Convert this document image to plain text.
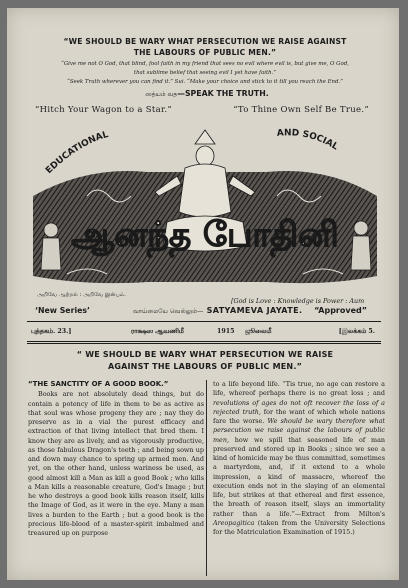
“WE SHOULD BE WARY WHAT PERSECUTION WE RAISE AGAINST
THE LABOURS OF PUBLIC MEN.”
“Give me not O God, that blind, fool faith in my friend that sees no evil where evil is, but give me, O God,
that sublime belief that seeing evil I yet have faith.”
“Seek Truth wherever you can find it.” Sui. “Make your choice and stick to it till you reach the End.”
ஸத்யம் வத—SPEAK THE TRUTH.
“Hitch Your Wagon to a Star.”	“To Thine Own Self Be True.”
EDUCATIONAL	AND SOCIAL
ஆனந்த போதினி
அறிவே ஆற்றல் : அறிவே இன்பம்.
[God is Love : Knowledge is Power : Aum
‘New Series’	வாய்மையே வெல்லும்— SATYAMEVA JAYATE. “Approved”
புத்தகம். 23.]	ராக்ஷஸ ஆவணிமீ	1915 ஜூலைமீ	[இலக்கம் 5.
“ WE SHOULD BE WARY WHAT PERSECUTION WE RAISE
AGAINST THE LABOURS OF PUBLIC MEN.”

“THE SANCTITY OF A GOOD BOOK.”

Books are not absolutely dead things, but do contain a potency of life in them to be as active as that soul was whose progeny they are ; nay they do preserve as in a vial the purest efficacy and extraction of that living intellect that bred them. I know they are as lively, and as vigorously productive, as those fabulous Dragon's teeth ; and being sown up and down may chance to spring up armed men. And yet, on the other hand, unless wariness be used, as good almost kill a Man as kill a good Book ; who kills a Man kills a reasonable creature, God's Image ; but he who destroys a good book kills reason itself, kills the Image of God, as it were in the eye. Many a man lives a burden to the Earth ; but a good book is the precious life-blood of a master-spirit imbalmed and treasured up on purpose

to a life beyond life. “Tis true, no age can restore a life, whereof perhaps there is no great loss ; and revolutions of ages do not oft recover the loss of a rejected truth, for the want of which whole nations fare the worse. We should be wary therefore what persecution we raise against the labours of public men, how we spill that seasoned life of man preserved and stored up in Books ; since we see a kind of homicide may be thus committed, sometimes a martyrdom, and, if it extend to a whole impression, a kind of massacre, whereof the execution ends not in the slaying of an elemental life, but strikes at that ethereal and first essence, the breath of reason itself, slays an immortality rather than a life.”—Extract from Milton's Areopagitica (taken from the University Selections for the Matriculation Examination of 1915.)
